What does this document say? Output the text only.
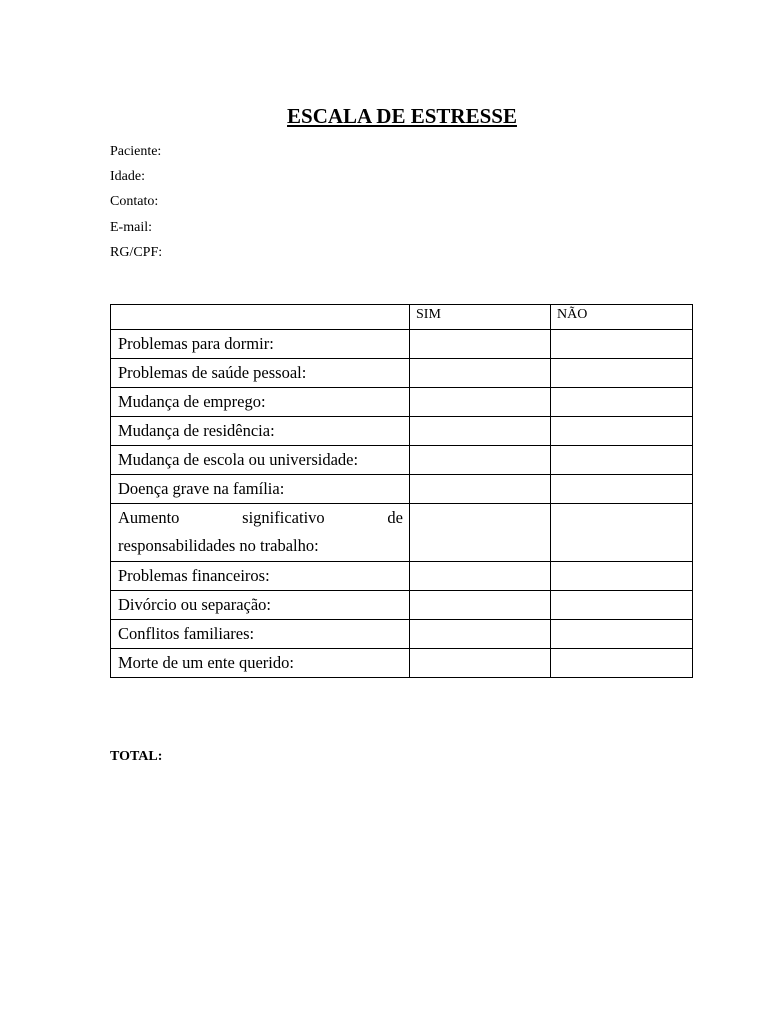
ESCALA DE ESTRESSE
Paciente:
Idade:
Contato:
E-mail:
RG/CPF:
	SIM	NÃO

Problemas para dormir:		

Problemas de saúde pessoal:		

Mudança de emprego:		

Mudança de residência:		

Mudança de escola ou universidade:		

Doença grave na família:		

Aumento significativo de responsabilidades no trabalho:		

Problemas financeiros:		

Divórcio ou separação:		

Conflitos familiares:		

Morte de um ente querido:		

TOTAL:
